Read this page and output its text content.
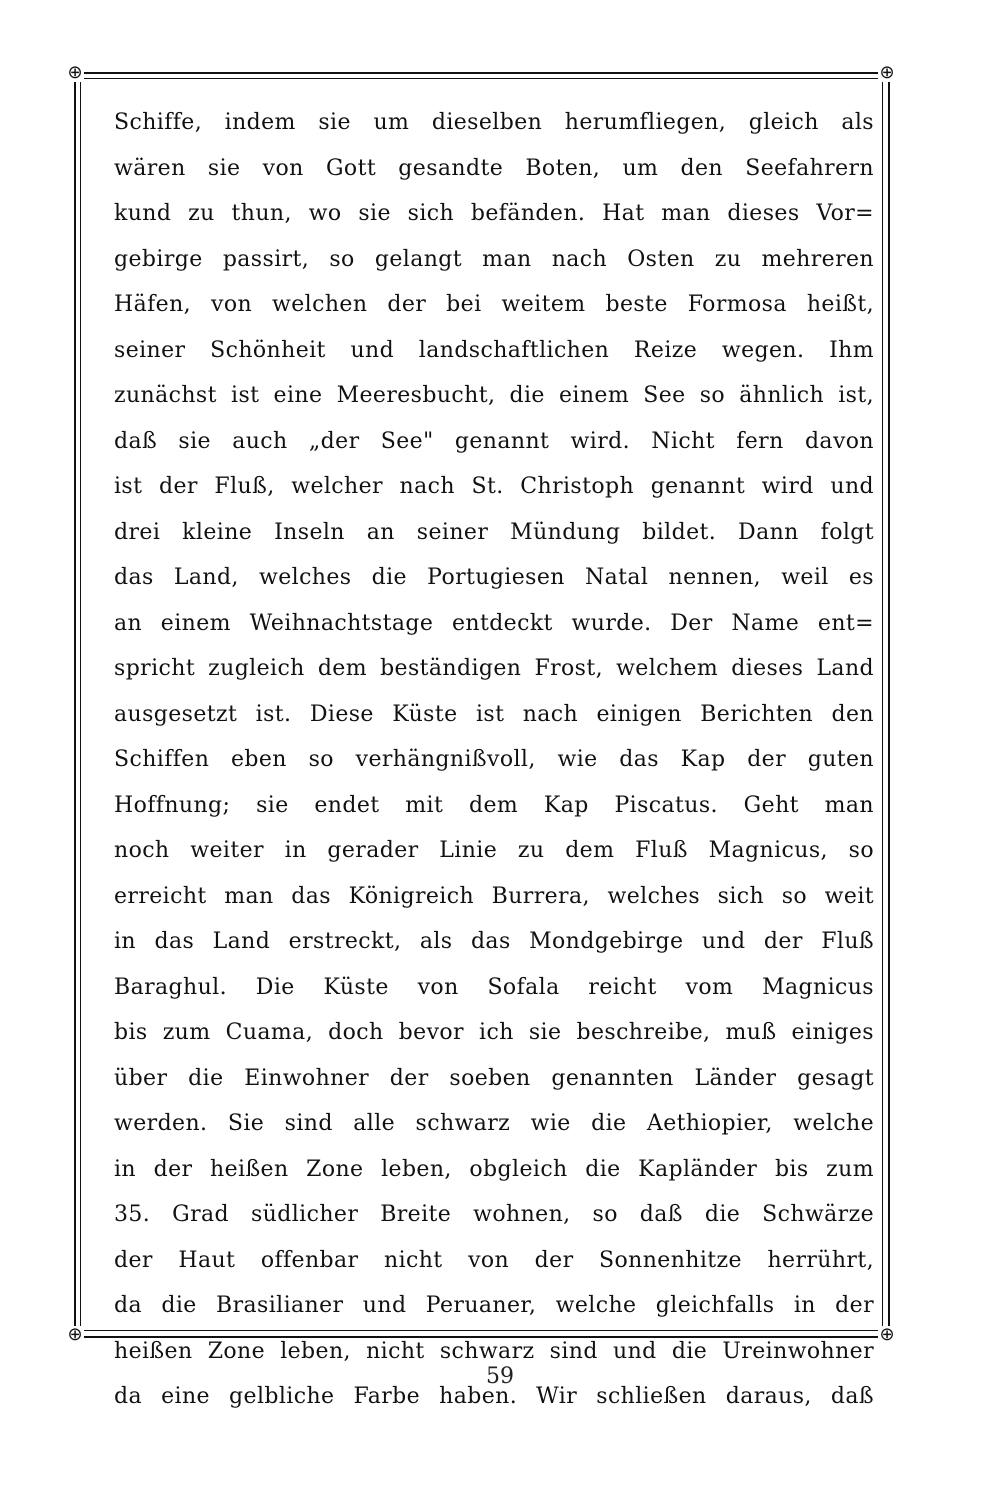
⊕	⊕
⊕	⊕
Schiffe, indem sie um dieselben herumfliegen, gleich als
wären sie von Gott gesandte Boten, um den Seefahrern
kund zu thun, wo sie sich befänden. Hat man dieses Vor=
gebirge passirt, so gelangt man nach Osten zu mehreren
Häfen, von welchen der bei weitem beste Formosa heißt,
seiner Schönheit und landschaftlichen Reize wegen. Ihm
zunächst ist eine Meeresbucht, die einem See so ähnlich ist,
daß sie auch „der See" genannt wird. Nicht fern davon
ist der Fluß, welcher nach St. Christoph genannt wird und
drei kleine Inseln an seiner Mündung bildet. Dann folgt
das Land, welches die Portugiesen Natal nennen, weil es
an einem Weihnachtstage entdeckt wurde. Der Name ent=
spricht zugleich dem beständigen Frost, welchem dieses Land
ausgesetzt ist. Diese Küste ist nach einigen Berichten den
Schiffen eben so verhängnißvoll, wie das Kap der guten
Hoffnung; sie endet mit dem Kap Piscatus. Geht man
noch weiter in gerader Linie zu dem Fluß Magnicus, so
erreicht man das Königreich Burrera, welches sich so weit
in das Land erstreckt, als das Mondgebirge und der Fluß
Baraghul. Die Küste von Sofala reicht vom Magnicus
bis zum Cuama, doch bevor ich sie beschreibe, muß einiges
über die Einwohner der soeben genannten Länder gesagt
werden. Sie sind alle schwarz wie die Aethiopier, welche
in der heißen Zone leben, obgleich die Kapländer bis zum
35. Grad südlicher Breite wohnen, so daß die Schwärze
der Haut offenbar nicht von der Sonnenhitze herrührt,
da die Brasilianer und Peruaner, welche gleichfalls in der
heißen Zone leben, nicht schwarz sind und die Ureinwohner
da eine gelbliche Farbe haben. Wir schließen daraus, daß
59
